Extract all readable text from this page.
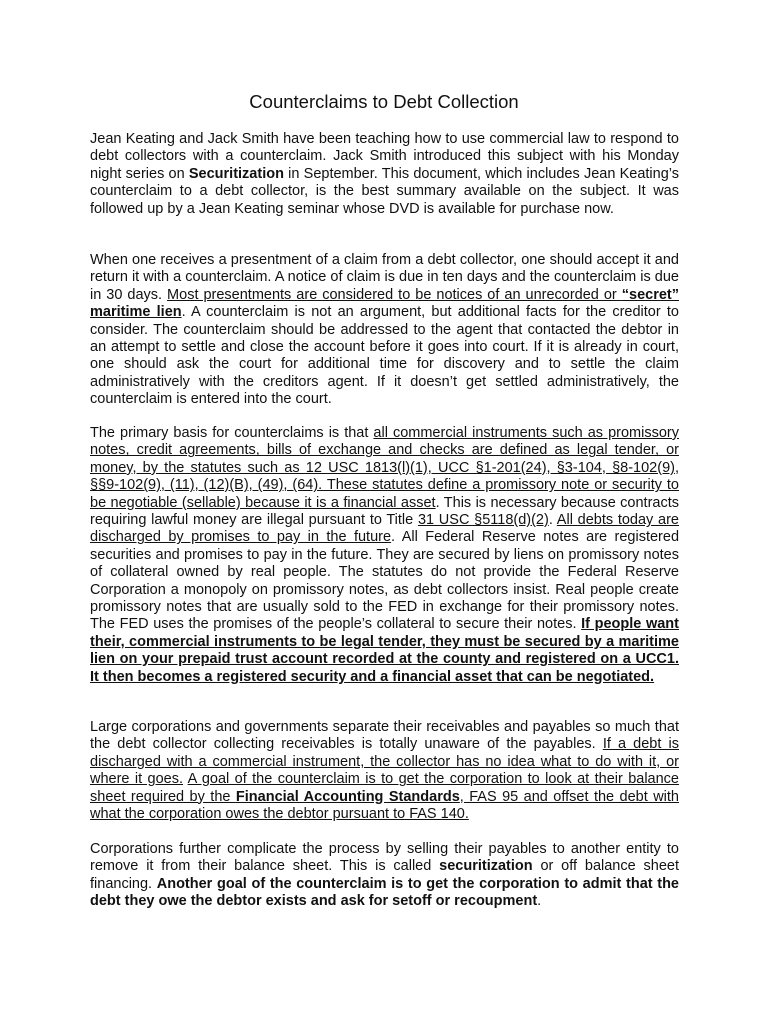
Counterclaims to Debt Collection

Jean Keating and Jack Smith have been teaching how to use commercial law to respond to debt collectors with a counterclaim. Jack Smith introduced this subject with his Monday night series on Securitization in September. This document, which includes Jean Keating’s counterclaim to a debt collector, is the best summary available on the subject. It was followed up by a Jean Keating seminar whose DVD is available for purchase now.

When one receives a presentment of a claim from a debt collector, one should accept it and return it with a counterclaim. A notice of claim is due in ten days and the counterclaim is due in 30 days. Most presentments are considered to be notices of an unrecorded or “secret” maritime lien. A counterclaim is not an argument, but additional facts for the creditor to consider. The counterclaim should be addressed to the agent that contacted the debtor in an attempt to settle and close the account before it goes into court. If it is already in court, one should ask the court for additional time for discovery and to settle the claim administratively with the creditors agent. If it doesn’t get settled administratively, the counterclaim is entered into the court.

The primary basis for counterclaims is that all commercial instruments such as promissory notes, credit agreements, bills of exchange and checks are defined as legal tender, or money, by the statutes such as 12 USC 1813(l)(1), UCC §1-201(24), §3-104, §8-102(9), §§9-102(9), (11), (12)(B), (49), (64). These statutes define a promissory note or security to be negotiable (sellable) because it is a financial asset. This is necessary because contracts requiring lawful money are illegal pursuant to Title 31 USC §5118(d)(2). All debts today are discharged by promises to pay in the future. All Federal Reserve notes are registered securities and promises to pay in the future. They are secured by liens on promissory notes of collateral owned by real people. The statutes do not provide the Federal Reserve Corporation a monopoly on promissory notes, as debt collectors insist. Real people create promissory notes that are usually sold to the FED in exchange for their promissory notes. The FED uses the promises of the people’s collateral to secure their notes. If people want their, commercial instruments to be legal tender, they must be secured by a maritime lien on your prepaid trust account recorded at the county and registered on a UCC1. It then becomes a registered security and a financial asset that can be negotiated.

Large corporations and governments separate their receivables and payables so much that the debt collector collecting receivables is totally unaware of the payables. If a debt is discharged with a commercial instrument, the collector has no idea what to do with it, or where it goes. A goal of the counterclaim is to get the corporation to look at their balance sheet required by the Financial Accounting Standards, FAS 95 and offset the debt with what the corporation owes the debtor pursuant to FAS 140.

Corporations further complicate the process by selling their payables to another entity to remove it from their balance sheet. This is called securitization or off balance sheet financing. Another goal of the counterclaim is to get the corporation to admit that the debt they owe the debtor exists and ask for setoff or recoupment.
